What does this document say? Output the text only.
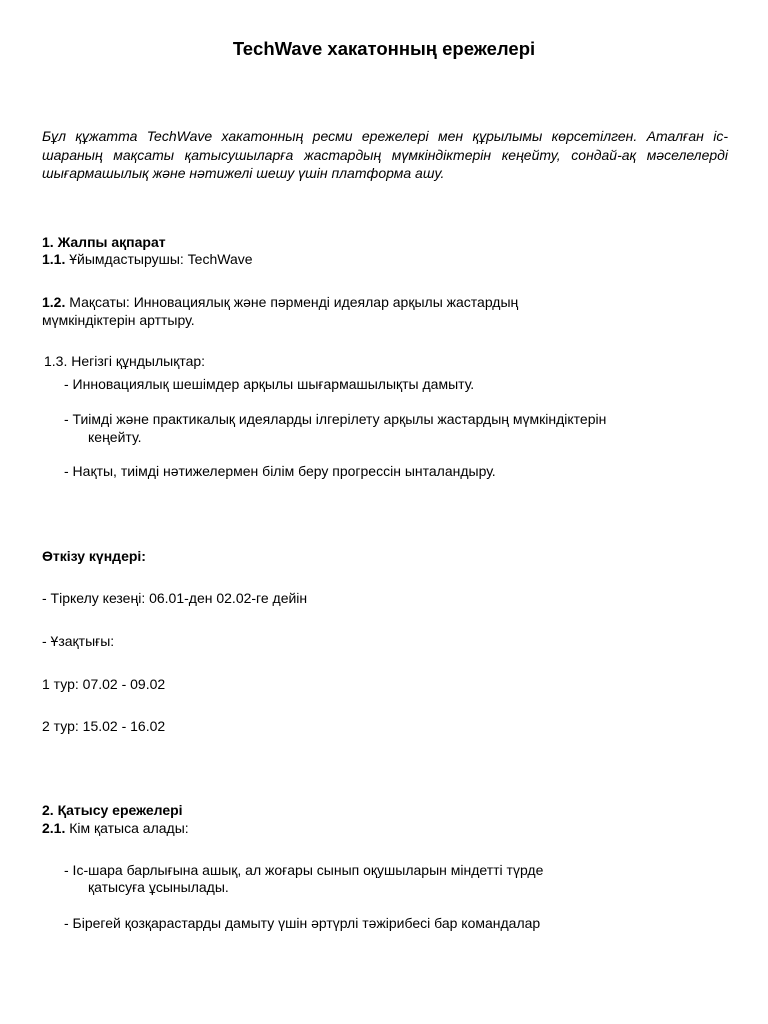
TechWave хакатонның ережелері
Бұл құжатта TechWave хакатонның ресми ережелері мен құрылымы көрсетілген. Аталған іс-шараның мақсаты қатысушыларға жастардың мүмкіндіктерін кеңейту, сондай-ақ мәселелерді шығармашылық және нәтижелі шешу үшін платформа ашу.
1. Жалпы ақпарат
1.1. Ұйымдастырушы: TechWave
1.2. Мақсаты: Инновациялық және пәрменді идеялар арқылы жастардың
мүмкіндіктерін арттыру.
1.3. Негізгі құндылықтар:
- Инновациялық шешімдер арқылы шығармашылықты дамыту.
- Тиімді және практикалық идеяларды ілгерілету арқылы жастардың мүмкіндіктерін
кеңейту.
- Нақты, тиімді нәтижелермен білім беру прогрессін ынталандыру.
Өткізу күндері:
- Тіркелу кезеңі: 06.01-ден 02.02-ге дейін
- Ұзақтығы:
1 тур: 07.02 - 09.02
2 тур: 15.02 - 16.02
2. Қатысу ережелері
2.1. Кім қатыса алады:
- Іс-шара барлығына ашық, ал жоғары сынып оқушыларын міндетті түрде
қатысуға ұсынылады.
- Бірегей қозқарастарды дамыту үшін әртүрлі тәжірибесі бар командалар
